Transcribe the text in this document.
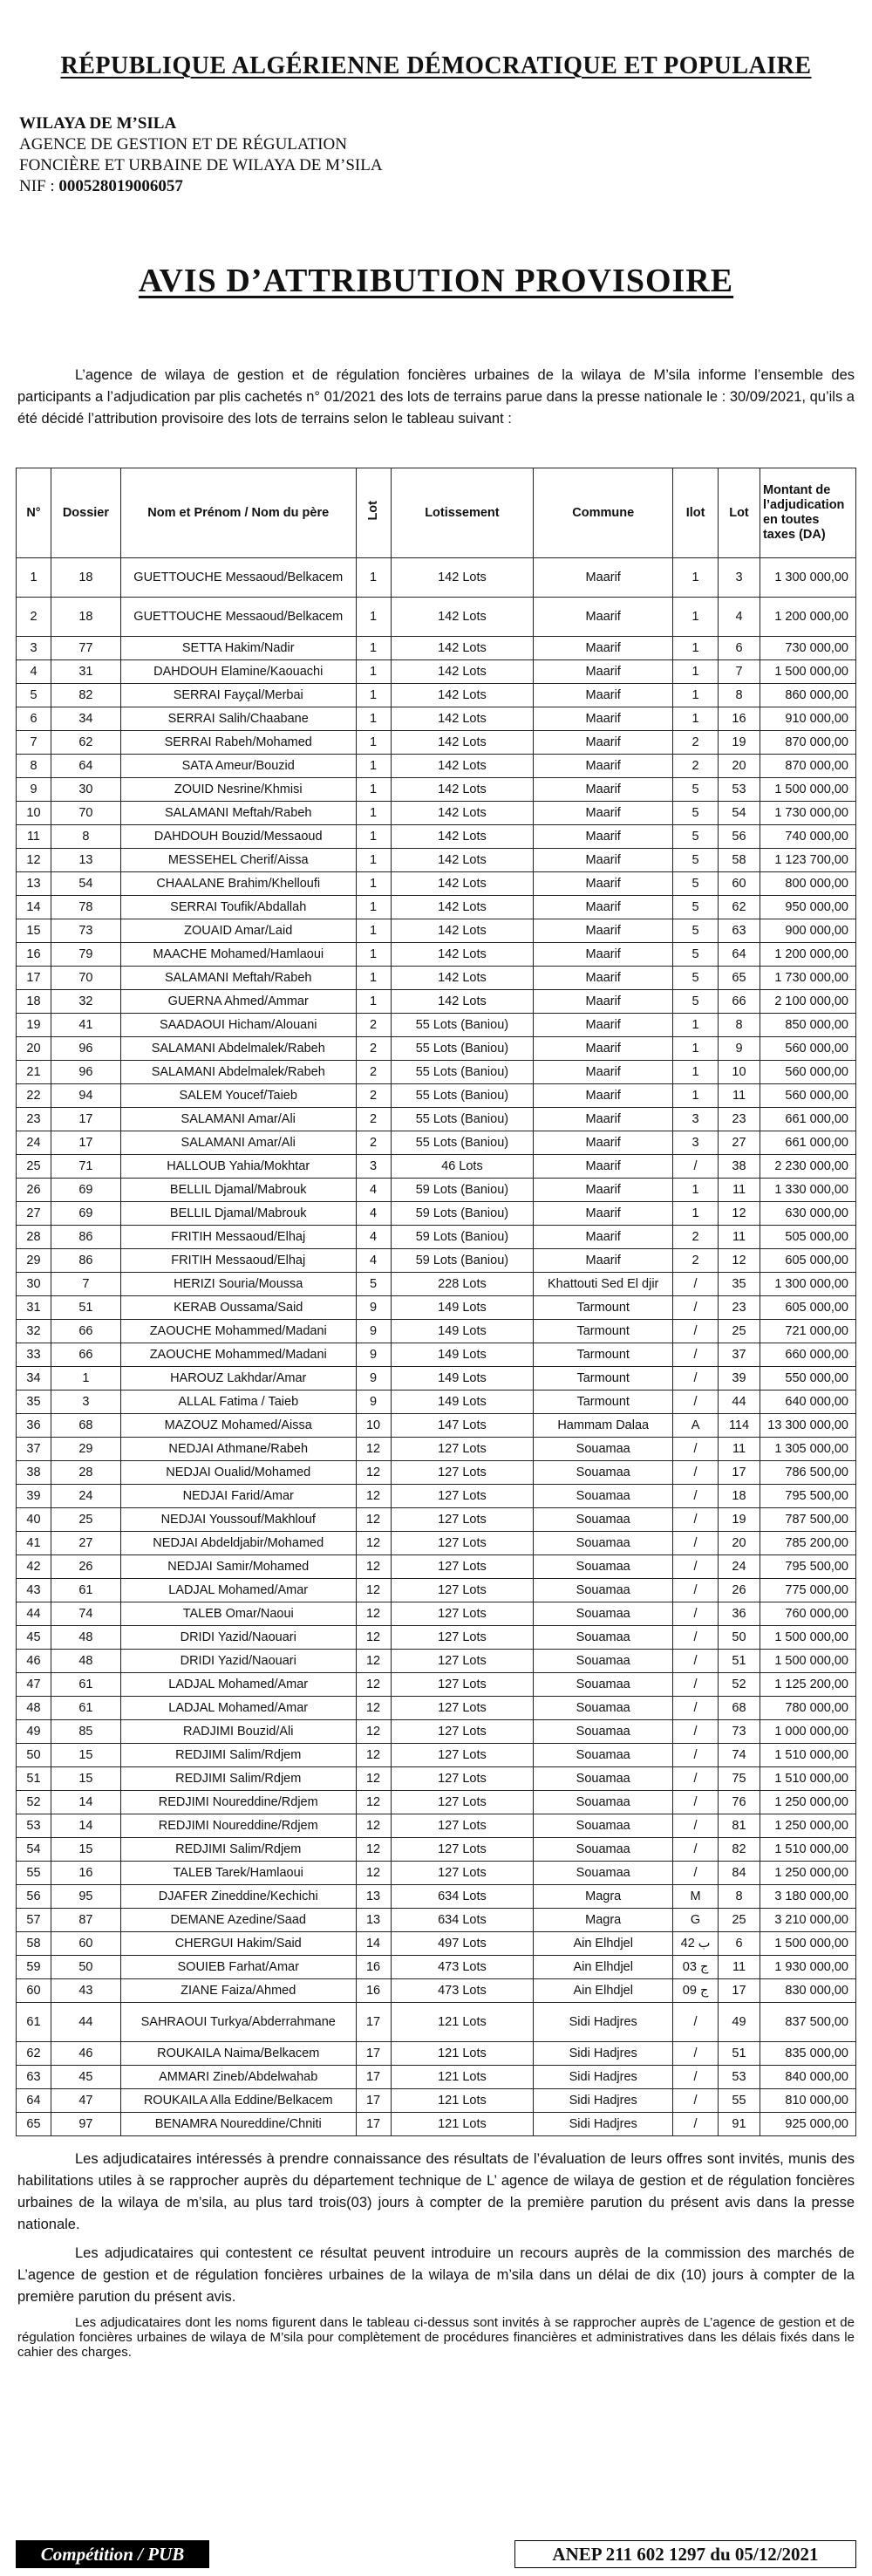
RÉPUBLIQUE ALGÉRIENNE DÉMOCRATIQUE ET POPULAIRE
WILAYA DE M’SILA
AGENCE DE GESTION ET DE RÉGULATION
FONCIÈRE ET URBAINE DE WILAYA DE M’SILA
NIF : 000528019006057
AVIS D’ATTRIBUTION PROVISOIRE
L’agence de wilaya de gestion et de régulation foncières urbaines de la wilaya de M’sila informe l’ensemble des participants a l’adjudication par plis cachetés n° 01/2021 des lots de terrains parue dans la presse nationale le : 30/09/2021, qu’ils a été décidé l’attribution provisoire des lots de terrains selon le tableau suivant :
N°	Dossier	Nom et Prénom / Nom du père	Lot	Lotissement	Commune	Ilot	Lot	Montant de l’adjudication en toutes taxes (DA)
1	18	GUETTOUCHE Messaoud/Belkacem	1	142 Lots	Maarif	1	3	1 300 000,00
2	18	GUETTOUCHE Messaoud/Belkacem	1	142 Lots	Maarif	1	4	1 200 000,00
3	77	SETTA Hakim/Nadir	1	142 Lots	Maarif	1	6	730 000,00
4	31	DAHDOUH Elamine/Kaouachi	1	142 Lots	Maarif	1	7	1 500 000,00
5	82	SERRAI Fayçal/Merbai	1	142 Lots	Maarif	1	8	860 000,00
6	34	SERRAI Salih/Chaabane	1	142 Lots	Maarif	1	16	910 000,00
7	62	SERRAI Rabeh/Mohamed	1	142 Lots	Maarif	2	19	870 000,00
8	64	SATA Ameur/Bouzid	1	142 Lots	Maarif	2	20	870 000,00
9	30	ZOUID Nesrine/Khmisi	1	142 Lots	Maarif	5	53	1 500 000,00
10	70	SALAMANI Meftah/Rabeh	1	142 Lots	Maarif	5	54	1 730 000,00
11	8	DAHDOUH Bouzid/Messaoud	1	142 Lots	Maarif	5	56	740 000,00
12	13	MESSEHEL Cherif/Aissa	1	142 Lots	Maarif	5	58	1 123 700,00
13	54	CHAALANE Brahim/Khelloufi	1	142 Lots	Maarif	5	60	800 000,00
14	78	SERRAI Toufik/Abdallah	1	142 Lots	Maarif	5	62	950 000,00
15	73	ZOUAID Amar/Laid	1	142 Lots	Maarif	5	63	900 000,00
16	79	MAACHE Mohamed/Hamlaoui	1	142 Lots	Maarif	5	64	1 200 000,00
17	70	SALAMANI Meftah/Rabeh	1	142 Lots	Maarif	5	65	1 730 000,00
18	32	GUERNA Ahmed/Ammar	1	142 Lots	Maarif	5	66	2 100 000,00
19	41	SAADAOUI Hicham/Alouani	2	55 Lots (Baniou)	Maarif	1	8	850 000,00
20	96	SALAMANI Abdelmalek/Rabeh	2	55 Lots (Baniou)	Maarif	1	9	560 000,00
21	96	SALAMANI Abdelmalek/Rabeh	2	55 Lots (Baniou)	Maarif	1	10	560 000,00
22	94	SALEM Youcef/Taieb	2	55 Lots (Baniou)	Maarif	1	11	560 000,00
23	17	SALAMANI Amar/Ali	2	55 Lots (Baniou)	Maarif	3	23	661 000,00
24	17	SALAMANI Amar/Ali	2	55 Lots (Baniou)	Maarif	3	27	661 000,00
25	71	HALLOUB Yahia/Mokhtar	3	46 Lots	Maarif	/	38	2 230 000,00
26	69	BELLIL Djamal/Mabrouk	4	59 Lots (Baniou)	Maarif	1	11	1 330 000,00
27	69	BELLIL Djamal/Mabrouk	4	59 Lots (Baniou)	Maarif	1	12	630 000,00
28	86	FRITIH Messaoud/Elhaj	4	59 Lots (Baniou)	Maarif	2	11	505 000,00
29	86	FRITIH Messaoud/Elhaj	4	59 Lots (Baniou)	Maarif	2	12	605 000,00
30	7	HERIZI Souria/Moussa	5	228 Lots	Khattouti Sed El djir	/	35	1 300 000,00
31	51	KERAB Oussama/Said	9	149 Lots	Tarmount	/	23	605 000,00
32	66	ZAOUCHE Mohammed/Madani	9	149 Lots	Tarmount	/	25	721 000,00
33	66	ZAOUCHE Mohammed/Madani	9	149 Lots	Tarmount	/	37	660 000,00
34	1	HAROUZ Lakhdar/Amar	9	149 Lots	Tarmount	/	39	550 000,00
35	3	ALLAL Fatima / Taieb	9	149 Lots	Tarmount	/	44	640 000,00
36	68	MAZOUZ Mohamed/Aissa	10	147 Lots	Hammam Dalaa	A	114	13 300 000,00
37	29	NEDJAI Athmane/Rabeh	12	127 Lots	Souamaa	/	11	1 305 000,00
38	28	NEDJAI Oualid/Mohamed	12	127 Lots	Souamaa	/	17	786 500,00
39	24	NEDJAI Farid/Amar	12	127 Lots	Souamaa	/	18	795 500,00
40	25	NEDJAI Youssouf/Makhlouf	12	127 Lots	Souamaa	/	19	787 500,00
41	27	NEDJAI Abdeldjabir/Mohamed	12	127 Lots	Souamaa	/	20	785 200,00
42	26	NEDJAI Samir/Mohamed	12	127 Lots	Souamaa	/	24	795 500,00
43	61	LADJAL Mohamed/Amar	12	127 Lots	Souamaa	/	26	775 000,00
44	74	TALEB Omar/Naoui	12	127 Lots	Souamaa	/	36	760 000,00
45	48	DRIDI Yazid/Naouari	12	127 Lots	Souamaa	/	50	1 500 000,00
46	48	DRIDI Yazid/Naouari	12	127 Lots	Souamaa	/	51	1 500 000,00
47	61	LADJAL Mohamed/Amar	12	127 Lots	Souamaa	/	52	1 125 200,00
48	61	LADJAL Mohamed/Amar	12	127 Lots	Souamaa	/	68	780 000,00
49	85	RADJIMI Bouzid/Ali	12	127 Lots	Souamaa	/	73	1 000 000,00
50	15	REDJIMI Salim/Rdjem	12	127 Lots	Souamaa	/	74	1 510 000,00
51	15	REDJIMI Salim/Rdjem	12	127 Lots	Souamaa	/	75	1 510 000,00
52	14	REDJIMI Noureddine/Rdjem	12	127 Lots	Souamaa	/	76	1 250 000,00
53	14	REDJIMI Noureddine/Rdjem	12	127 Lots	Souamaa	/	81	1 250 000,00
54	15	REDJIMI Salim/Rdjem	12	127 Lots	Souamaa	/	82	1 510 000,00
55	16	TALEB Tarek/Hamlaoui	12	127 Lots	Souamaa	/	84	1 250 000,00
56	95	DJAFER Zineddine/Kechichi	13	634 Lots	Magra	M	8	3 180 000,00
57	87	DEMANE Azedine/Saad	13	634 Lots	Magra	G	25	3 210 000,00
58	60	CHERGUI Hakim/Said	14	497 Lots	Ain Elhdjel	ب 42	6	1 500 000,00
59	50	SOUIEB Farhat/Amar	16	473 Lots	Ain Elhdjel	ج 03	11	1 930 000,00
60	43	ZIANE Faiza/Ahmed	16	473 Lots	Ain Elhdjel	ج 09	17	830 000,00
61	44	SAHRAOUI Turkya/Abderrahmane	17	121 Lots	Sidi Hadjres	/	49	837 500,00
62	46	ROUKAILA Naima/Belkacem	17	121 Lots	Sidi Hadjres	/	51	835 000,00
63	45	AMMARI Zineb/Abdelwahab	17	121 Lots	Sidi Hadjres	/	53	840 000,00
64	47	ROUKAILA Alla Eddine/Belkacem	17	121 Lots	Sidi Hadjres	/	55	810 000,00
65	97	BENAMRA Noureddine/Chniti	17	121 Lots	Sidi Hadjres	/	91	925 000,00
Les adjudicataires intéressés à prendre connaissance des résultats de l’évaluation de leurs offres sont invités, munis des habilitations utiles à se rapprocher auprès du département technique de L’ agence de wilaya de gestion et de régulation foncières urbaines de la wilaya de m’sila, au plus tard trois(03) jours à compter de la première parution du présent avis dans la presse nationale.
Les adjudicataires qui contestent ce résultat peuvent introduire un recours auprès de la commission des marchés de L’agence de gestion et de régulation foncières urbaines de la wilaya de m’sila dans un délai de dix (10) jours à compter de la première parution du présent avis.
Les adjudicataires dont les noms figurent dans le tableau ci-dessus sont invités à se rapprocher auprès de L’agence de gestion et de régulation foncières urbaines de wilaya de M’sila pour complètement de procédures financières et administratives dans les délais fixés dans le cahier des charges.
Compétition / PUB	ANEP 211 602 1297 du 05/12/2021
